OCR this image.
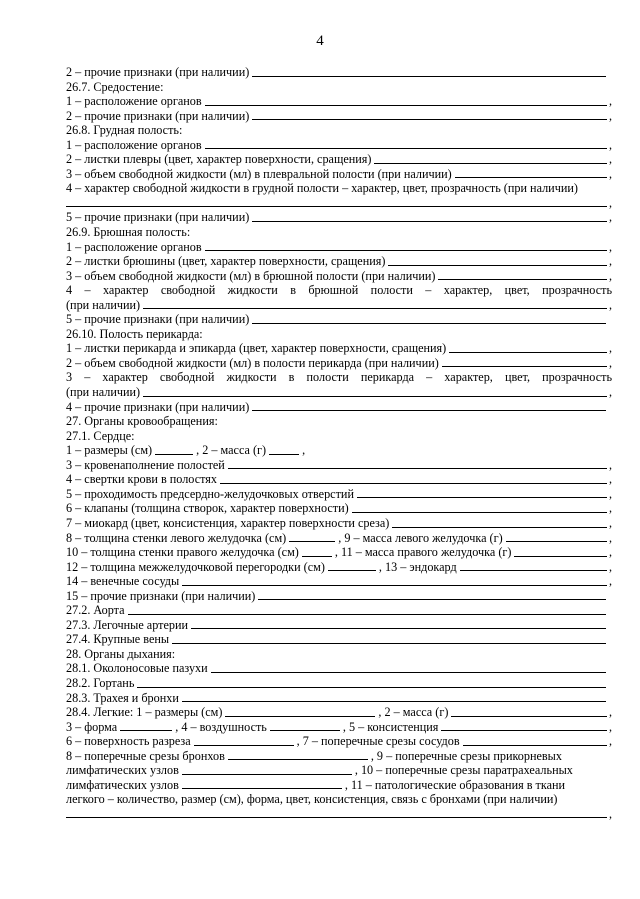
4
2 – прочие признаки (при наличии)
26.7. Средостение:
1 – расположение органов	,
2 – прочие признаки (при наличии)	,
26.8. Грудная полость:
1 – расположение органов	,
2 – листки плевры (цвет, характер поверхности, сращения)	,
3 – объем свободной жидкости (мл) в плевральной полости (при наличии)	,
4 – характер свободной жидкости в грудной полости – характер, цвет, прозрачность (при наличии)
,
5 – прочие признаки (при наличии)	,
26.9. Брюшная полость:
1 – расположение органов	,
2 – листки брюшины (цвет, характер поверхности, сращения)	,
3 – объем свободной жидкости (мл) в брюшной полости (при наличии)	,
4 – характер свободной жидкости в брюшной полости – характер, цвет, прозрачность
(при наличии)	,
5 – прочие признаки (при наличии)
26.10. Полость перикарда:
1 – листки перикарда и эпикарда (цвет, характер поверхности, сращения)	,
2 – объем свободной жидкости (мл) в полости перикарда (при наличии)	,
3 – характер свободной жидкости в полости перикарда – характер, цвет, прозрачность
(при наличии)	,
4 – прочие признаки (при наличии)
27. Органы кровообращения:
27.1. Сердце:
1 – размеры (см)	, 2 – масса (г)	,
3 – кровенаполнение полостей	,
4 – свертки крови в полостях	,
5 – проходимость предсердно-желудочковых отверстий	,
6 – клапаны (толщина створок, характер поверхности)	,
7 – миокард (цвет, консистенция, характер поверхности среза)	,
8 – толщина стенки левого желудочка (см)	, 9 – масса левого желудочка (г)	,
10 – толщина стенки правого желудочка (см)	, 11 – масса правого желудочка (г)	,
12 – толщина межжелудочковой перегородки (см)	, 13 – эндокард	,
14 – венечные сосуды	,
15 – прочие признаки (при наличии)
27.2. Аорта
27.3. Легочные артерии
27.4. Крупные вены
28. Органы дыхания:
28.1. Околоносовые пазухи
28.2. Гортань
28.3. Трахея и бронхи
28.4. Легкие: 1 – размеры (см)	, 2 – масса (г)	,
3 – форма	, 4 – воздушность	, 5 – консистенция	,
6 – поверхность разреза	, 7 – поперечные срезы сосудов	,
8 – поперечные срезы бронхов	, 9 – поперечные срезы прикорневых
лимфатических узлов	, 10 – поперечные срезы паратрахеальных
лимфатических узлов	, 11 – патологические образования в ткани
легкого – количество, размер (см), форма, цвет, консистенция, связь с бронхами (при наличии)
,
